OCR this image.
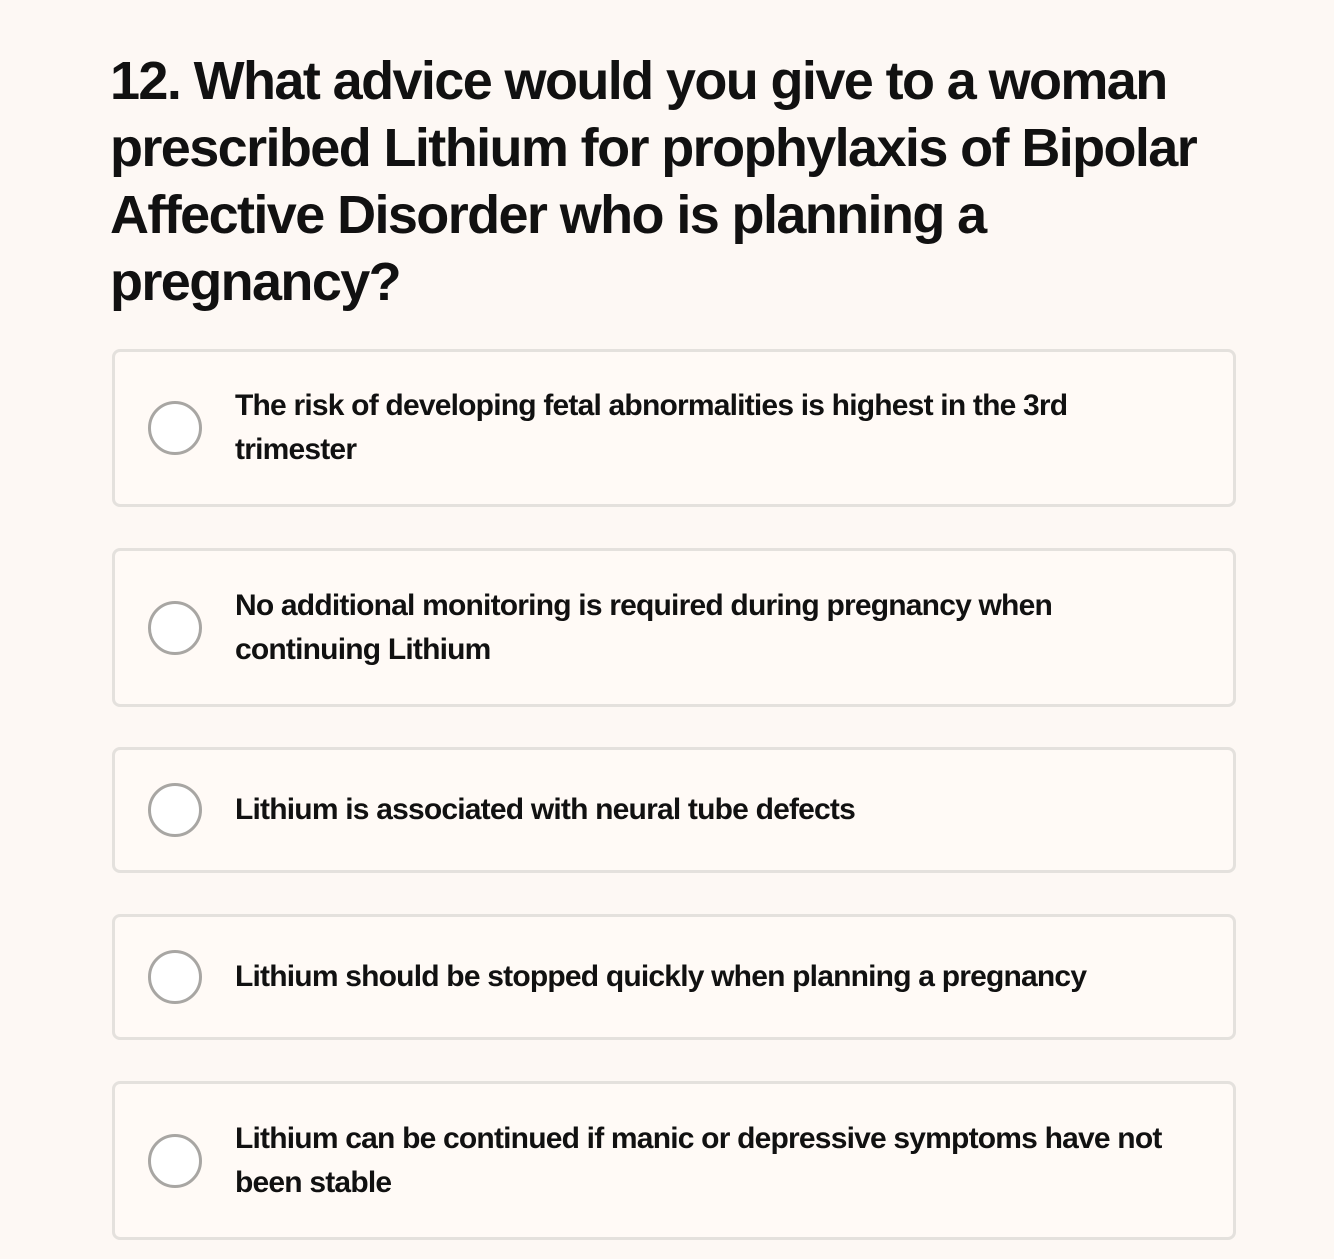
12. What advice would you give to a woman prescribed Lithium for prophylaxis of Bipolar Affective Disorder who is planning a pregnancy?
The risk of developing fetal abnormalities is highest in the 3rd trimester
No additional monitoring is required during pregnancy when continuing Lithium
Lithium is associated with neural tube defects
Lithium should be stopped quickly when planning a pregnancy
Lithium can be continued if manic or depressive symptoms have not been stable
